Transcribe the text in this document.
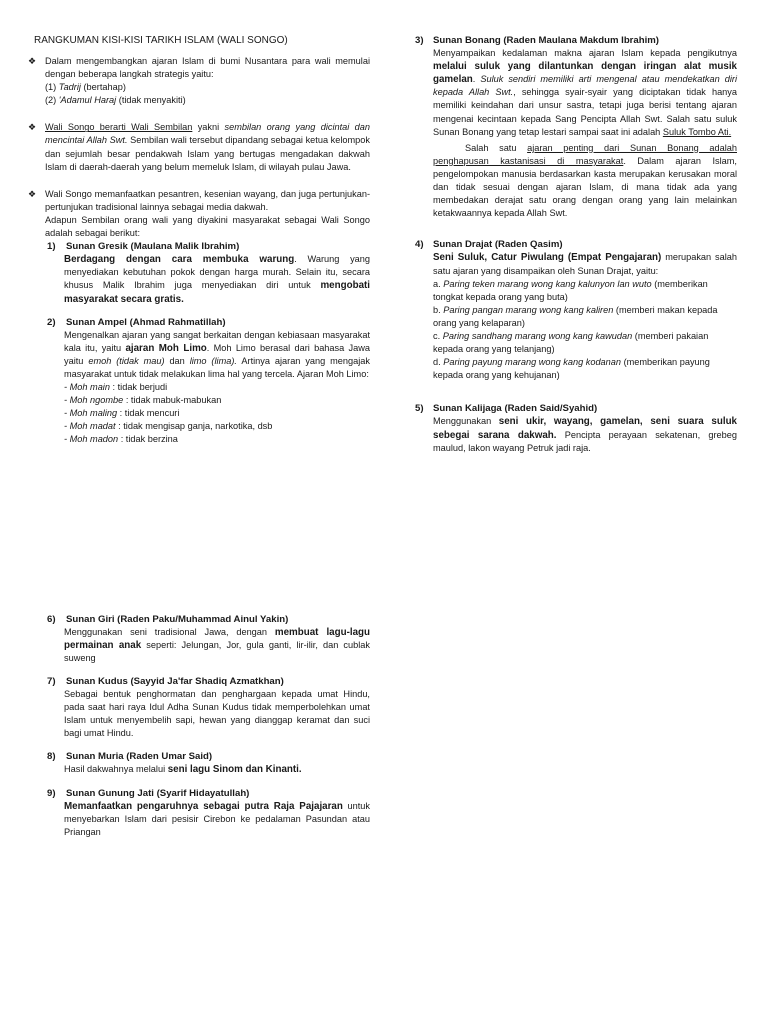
RANGKUMAN KISI-KISI TARIKH ISLAM (WALI SONGO)
❖ Dalam mengembangkan ajaran Islam di bumi Nusantara para wali memulai dengan beberapa langkah strategis yaitu:
(1) Tadrij (bertahap)
(2) 'Adamul Haraj (tidak menyakiti)
❖ Wali Songo berarti Wali Sembilan yakni sembilan orang yang dicintai dan mencintai Allah Swt. Sembilan wali tersebut dipandang sebagai ketua kelompok dan sejumlah besar pendakwah Islam yang bertugas mengadakan dakwah Islam di daerah-daerah yang belum memeluk Islam, di wilayah pulau Jawa.
❖ Wali Songo memanfaatkan pesantren, kesenian wayang, dan juga pertunjukan-pertunjukan tradisional lainnya sebagai media dakwah.
Adapun Sembilan orang wali yang diyakini masyarakat sebagai Wali Songo adalah sebagai berikut:
1) Sunan Gresik (Maulana Malik Ibrahim)
Berdagang dengan cara membuka warung. Warung yang menyediakan kebutuhan pokok dengan harga murah. Selain itu, secara khusus Malik Ibrahim juga menyediakan diri untuk mengobati masyarakat secara gratis.
2) Sunan Ampel (Ahmad Rahmatillah)
Mengenalkan ajaran yang sangat berkaitan dengan kebiasaan masyarakat kala itu, yaitu ajaran Moh Limo. Moh Limo berasal dari bahasa Jawa yaitu emoh (tidak mau) dan limo (lima). Artinya ajaran yang mengajak masyarakat untuk tidak melakukan lima hal yang tercela. Ajaran Moh Limo:
- Moh main : tidak berjudi
- Moh ngombe : tidak mabuk-mabukan
- Moh maling : tidak mencuri
- Moh madat : tidak mengisap ganja, narkotika, dsb
- Moh madon : tidak berzina
6) Sunan Giri (Raden Paku/Muhammad Ainul Yakin)
Menggunakan seni tradisional Jawa, dengan membuat lagu-lagu permainan anak seperti: Jelungan, Jor, gula ganti, lir-ilir, dan cublak suweng
7) Sunan Kudus (Sayyid Ja'far Shadiq Azmatkhan)
Sebagai bentuk penghormatan dan penghargaan kepada umat Hindu, pada saat hari raya Idul Adha Sunan Kudus tidak memperbolehkan umat Islam untuk menyembelih sapi, hewan yang dianggap keramat dan suci bagi umat Hindu.
8) Sunan Muria (Raden Umar Said)
Hasil dakwahnya melalui seni lagu Sinom dan Kinanti.
9) Sunan Gunung Jati (Syarif Hidayatullah)
Memanfaatkan pengaruhnya sebagai putra Raja Pajajaran untuk menyebarkan Islam dari pesisir Cirebon ke pedalaman Pasundan atau Priangan
3) Sunan Bonang (Raden Maulana Makdum Ibrahim)
Menyampaikan kedalaman makna ajaran Islam kepada pengikutnya melalui suluk yang dilantunkan dengan iringan alat musik gamelan. Suluk sendiri memiliki arti mengenal atau mendekatkan diri kepada Allah Swt., sehingga syair-syair yang diciptakan tidak hanya memiliki keindahan dari unsur sastra, tetapi juga berisi tentang ajaran mengenai kecintaan kepada Sang Pencipta Allah Swt. Salah satu suluk Sunan Bonang yang tetap lestari sampai saat ini adalah Suluk Tombo Ati.
Salah satu ajaran penting dari Sunan Bonang adalah penghapusan kastanisasi di masyarakat. Dalam ajaran Islam, pengelompokan manusia berdasarkan kasta merupakan kerusakan moral dan tidak sesuai dengan ajaran Islam, di mana tidak ada yang membedakan derajat satu orang dengan orang yang lain melainkan ketakwaannya kepada Allah Swt.
4) Sunan Drajat (Raden Qasim)
Seni Suluk, Catur Piwulang (Empat Pengajaran) merupakan salah satu ajaran yang disampaikan oleh Sunan Drajat, yaitu:
a. Paring teken marang wong kang kalunyon lan wuto (memberikan tongkat kepada orang yang buta)
b. Paring pangan marang wong kang kaliren (memberi makan kepada orang yang kelaparan)
c. Paring sandhang marang wong kang kawudan (memberi pakaian kepada orang yang telanjang)
d. Paring payung marang wong kang kodanan (memberikan payung kepada orang yang kehujanan)
5) Sunan Kalijaga (Raden Said/Syahid)
Menggunakan seni ukir, wayang, gamelan, seni suara suluk sebegai sarana dakwah. Pencipta perayaan sekatenan, grebeg maulud, lakon wayang Petruk jadi raja.
